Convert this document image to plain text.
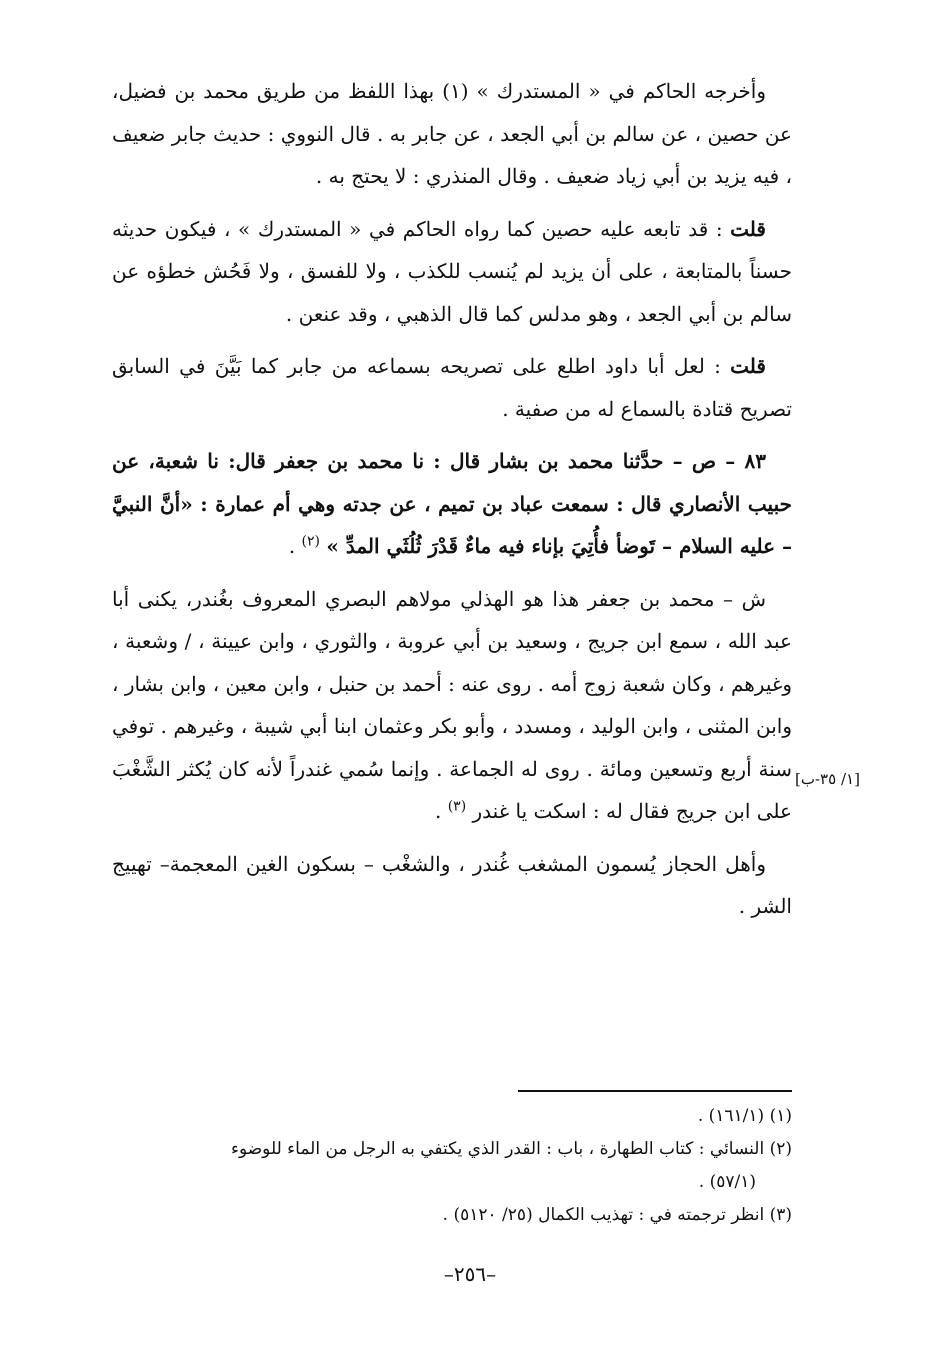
وأخرجه الحاكم في « المستدرك » (١) بهذا اللفظ من طريق محمد بن فضيل، عن حصين ، عن سالم بن أبي الجعد ، عن جابر به . قال النووي : حديث جابر ضعيف ، فيه يزيد بن أبي زياد ضعيف . وقال المنذري : لا يحتج به .

قلت : قد تابعه عليه حصين كما رواه الحاكم في « المستدرك » ، فيكون حديثه حسناً بالمتابعة ، على أن يزيد لم يُنسب للكذب ، ولا للفسق ، ولا فَحُش خطؤه عن سالم بن أبي الجعد ، وهو مدلس كما قال الذهبي ، وقد عنعن .

قلت : لعل أبا داود اطلع على تصريحه بسماعه من جابر كما بَيَّنَ في السابق تصريح قتادة بالسماع له من صفية .

٨٣ – ص – حدَّثنا محمد بن بشار قال : نا محمد بن جعفر قال: نا شعبة، عن حبيب الأنصاري قال : سمعت عباد بن تميم ، عن جدته وهي أم عمارة : «أنَّ النبيَّ – عليه السلام – تَوضأ فأُتِيَ بإناء فيه ماءٌ قَدْرَ ثُلُثَي المدِّ » $^{(٢)}$ .

ش – محمد بن جعفر هذا هو الهذلي مولاهم البصري المعروف بغُندر، يكنى أبا عبد الله ، سمع ابن جريج ، وسعيد بن أبي عروبة ، والثوري ، وابن عيينة ، / وشعبة ، وغيرهم ، وكان شعبة زوج أمه . روى عنه : أحمد بن حنبل ، وابن معين ، وابن بشار ، وابن المثنى ، وابن الوليد ، ومسدد ، وأبو بكر وعثمان ابنا أبي شيبة ، وغيرهم . توفي سنة أربع وتسعين ومائة . روى له الجماعة . وإنما سُمي غندراً لأنه كان يُكثر الشَّغْبَ على ابن جريج فقال له : اسكت يا غندر $^{(٣)}$ .

وأهل الحجاز يُسمون المشغب غُندر ، والشغْب – بسكون الغين المعجمة– تهييج الشر .

[١/ ٣٥-ب]

(١) (١٦١/١) .

(٢) النسائي : كتاب الطهارة ، باب : القدر الذي يكتفي به الرجل من الماء للوضوء

(٥٧/١) .

(٣) انظر ترجمته في : تهذيب الكمال (٢٥/ ٥١٢٠) .

–٢٥٦–
